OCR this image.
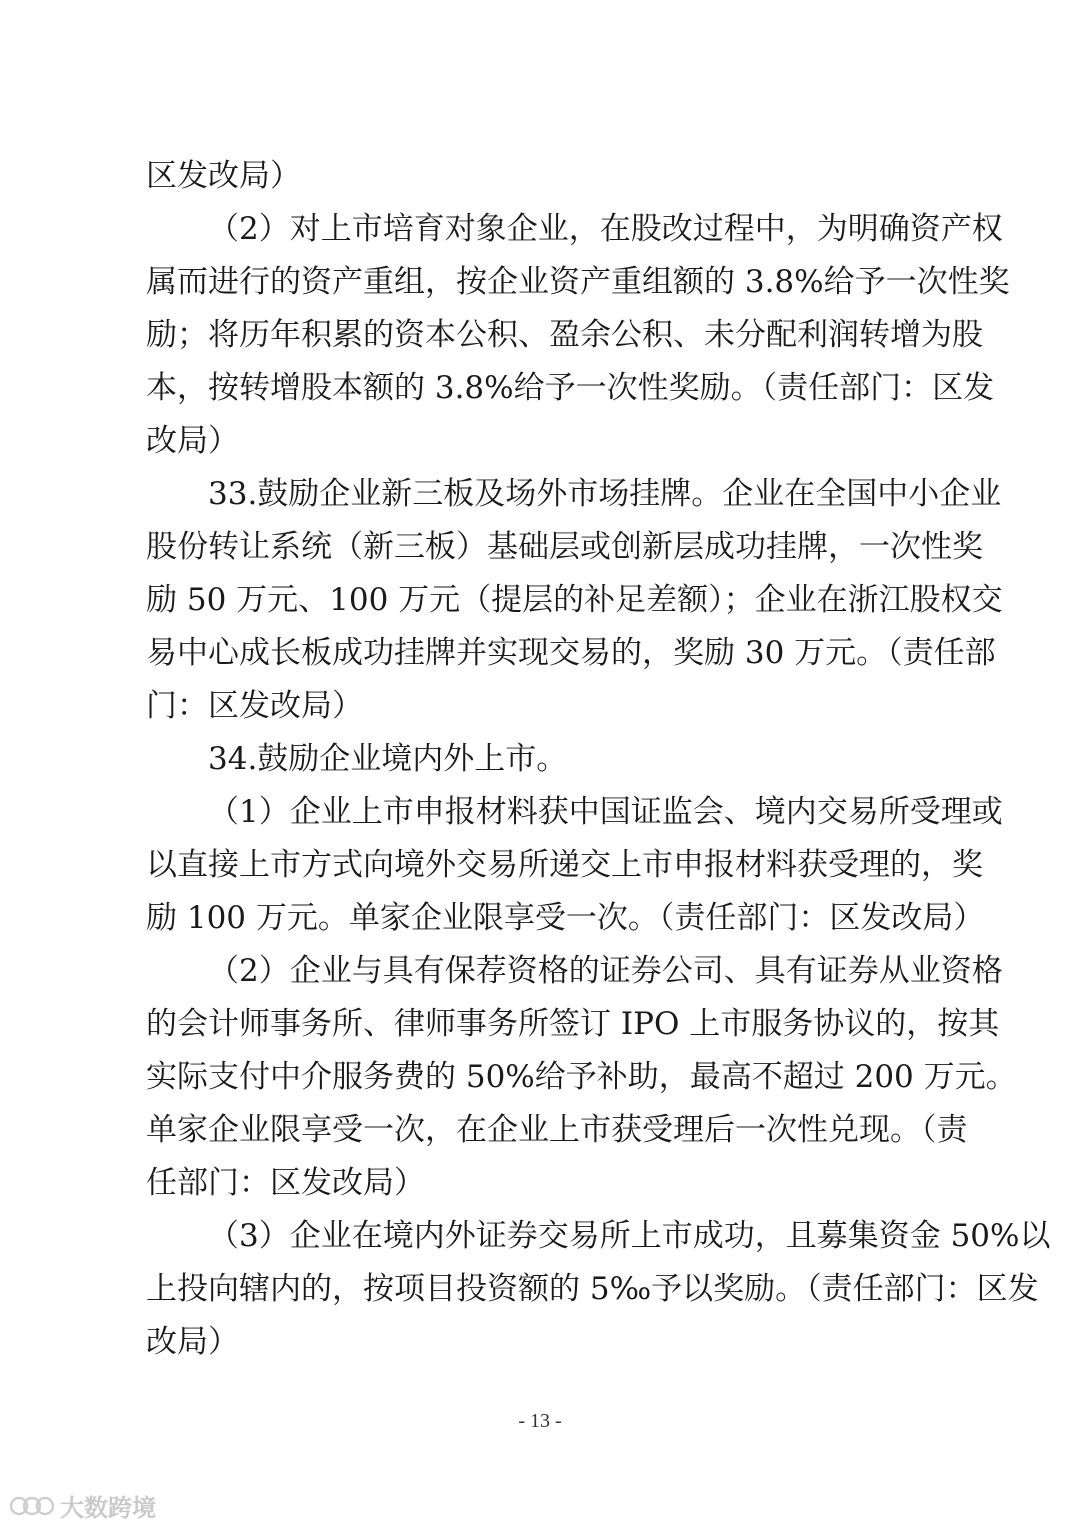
区发改局）
（2）对上市培育对象企业，在股改过程中，为明确资产权
属而进行的资产重组，按企业资产重组额的 3.8%给予一次性奖
励；将历年积累的资本公积、盈余公积、未分配利润转增为股
本，按转增股本额的 3.8%给予一次性奖励。（责任部门：区发
改局）
33.鼓励企业新三板及场外市场挂牌。企业在全国中小企业
股份转让系统（新三板）基础层或创新层成功挂牌，一次性奖
励 50 万元、100 万元（提层的补足差额）；企业在浙江股权交
易中心成长板成功挂牌并实现交易的，奖励 30 万元。（责任部
门：区发改局）
34.鼓励企业境内外上市。
（1）企业上市申报材料获中国证监会、境内交易所受理或
以直接上市方式向境外交易所递交上市申报材料获受理的，奖
励 100 万元。单家企业限享受一次。（责任部门：区发改局）
（2）企业与具有保荐资格的证券公司、具有证券从业资格
的会计师事务所、律师事务所签订 IPO 上市服务协议的，按其
实际支付中介服务费的 50%给予补助，最高不超过 200 万元。
单家企业限享受一次，在企业上市获受理后一次性兑现。（责
任部门：区发改局）
（3）企业在境内外证券交易所上市成功，且募集资金 50%以
上投向辖内的，按项目投资额的 5‰予以奖励。（责任部门：区发
改局）

- 13 -
大数跨境
